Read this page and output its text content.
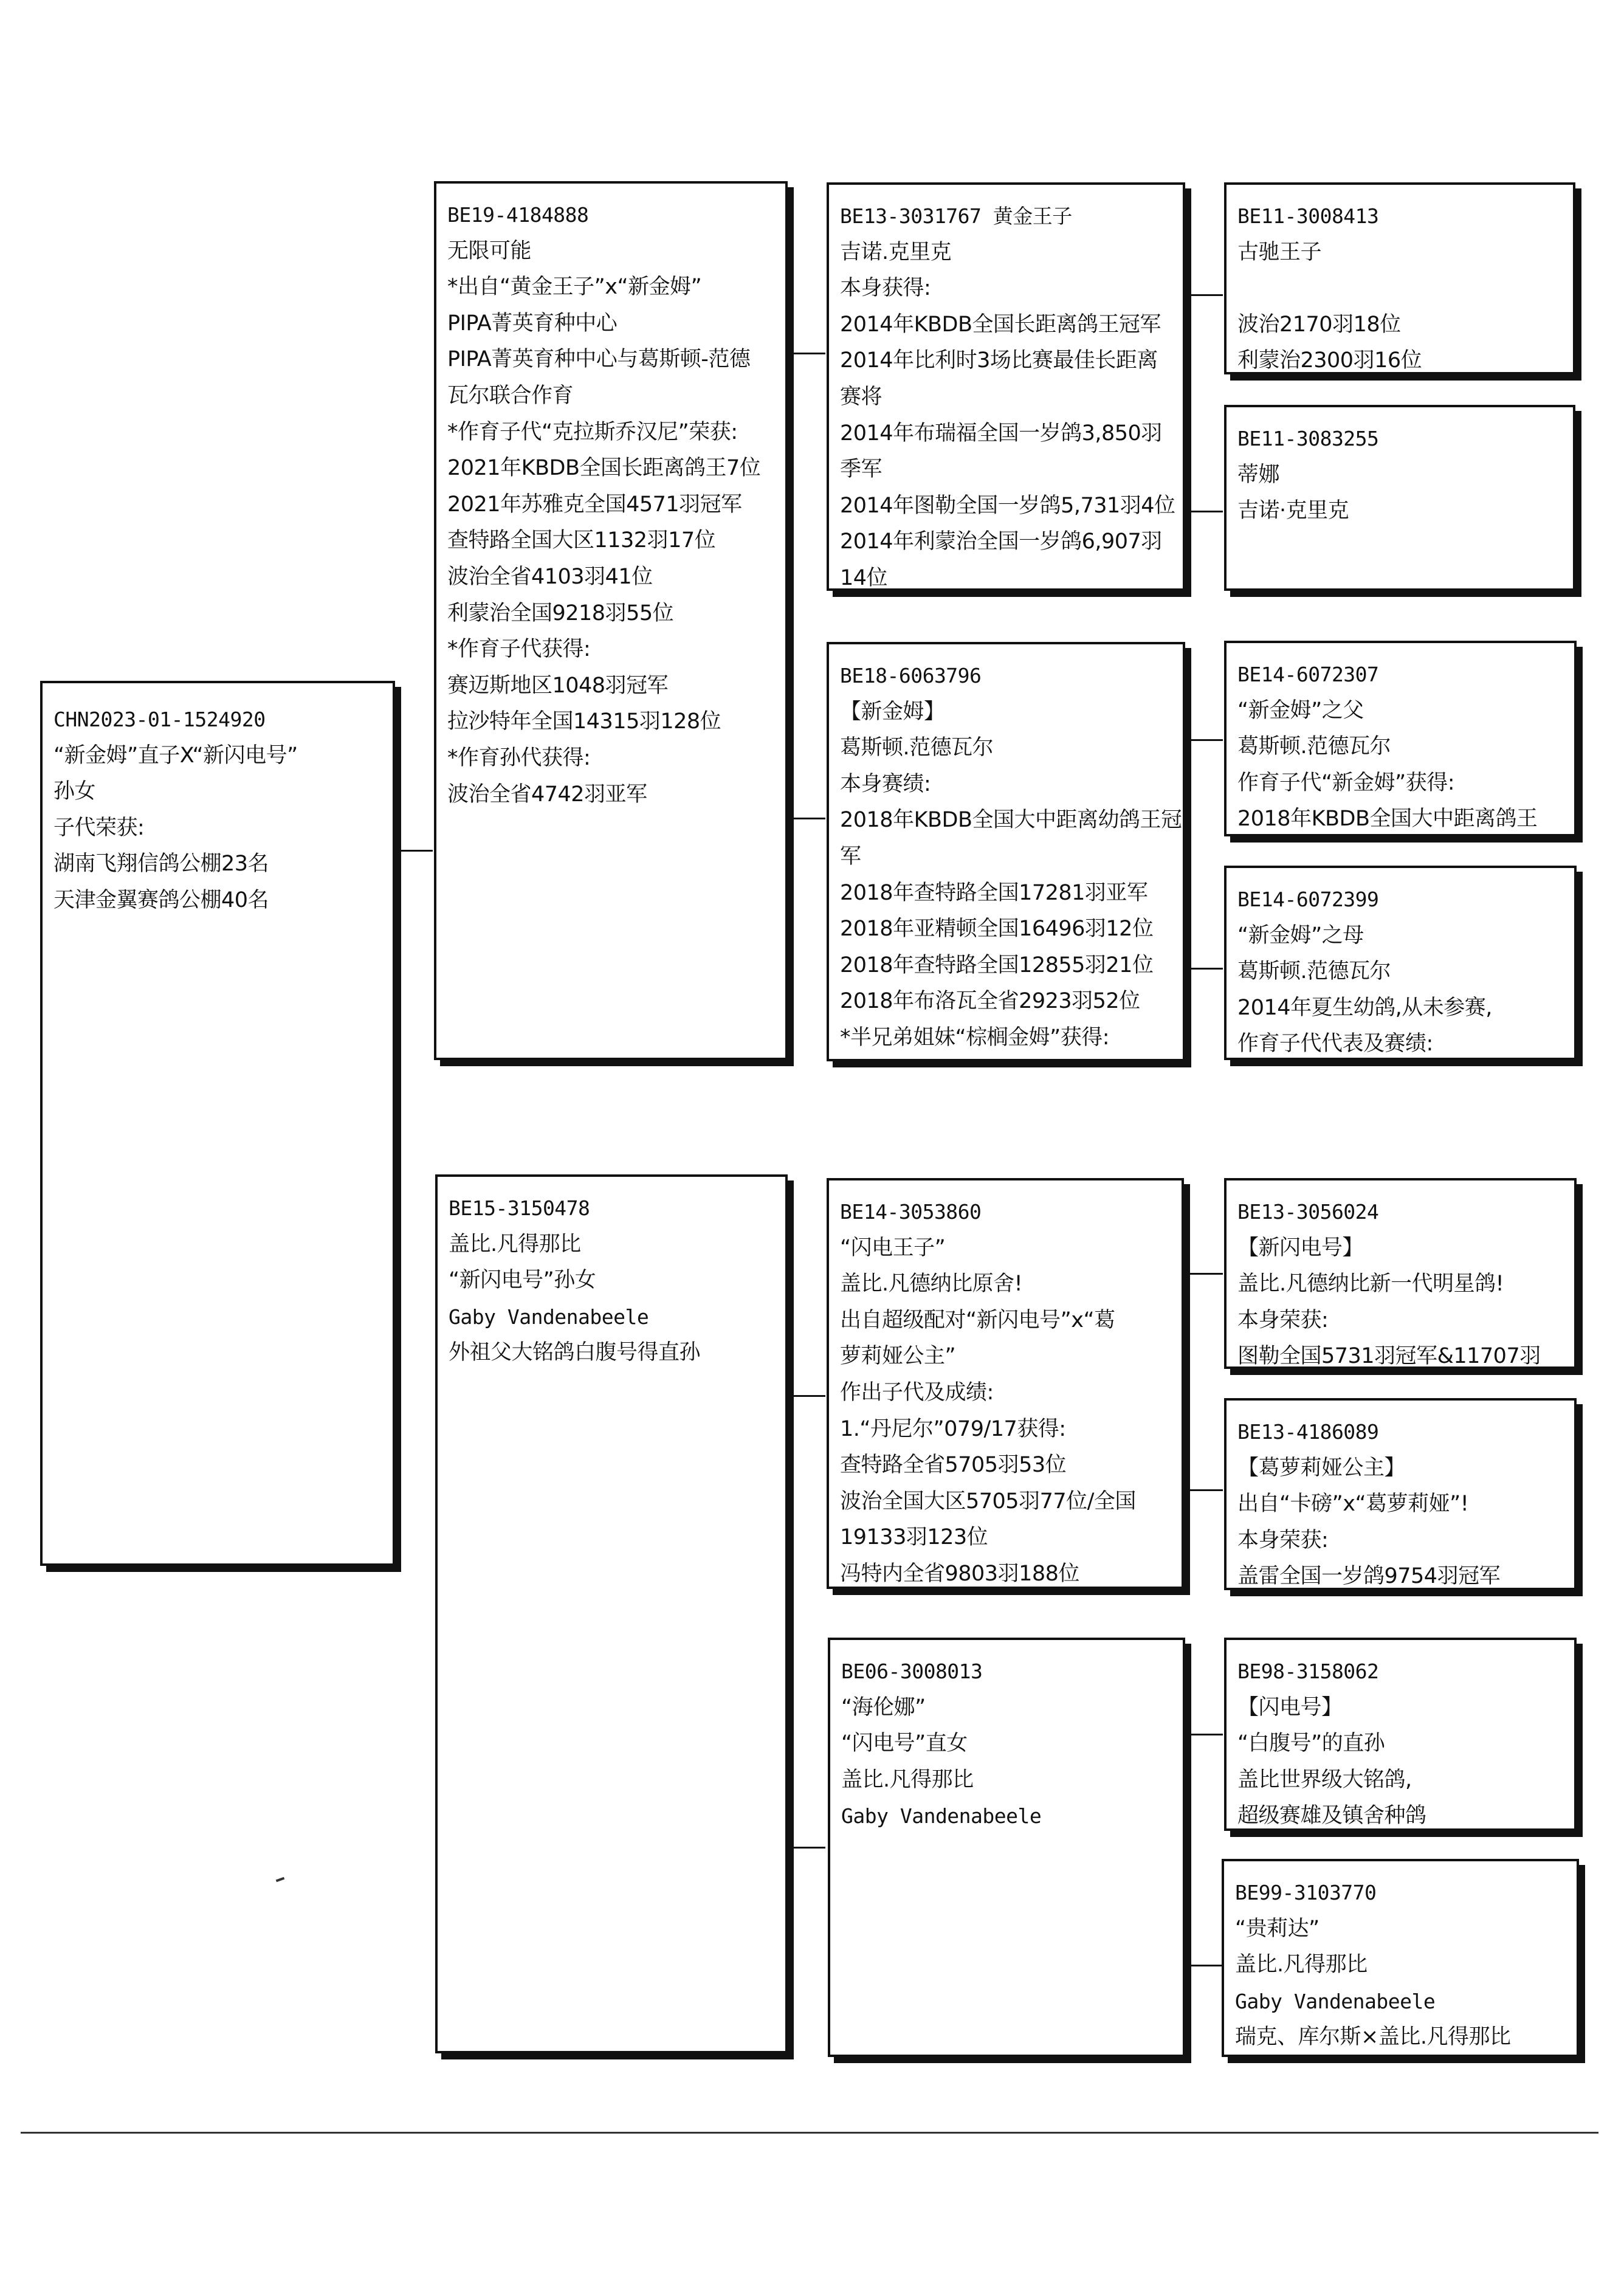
CHN2023-01-1524920
“新金姆”直子X“新闪电号”
孙女
子代荣获:
湖南飞翔信鸽公棚23名
天津金翼赛鸽公棚40名
BE19-4184888
无限可能
*出自“黄金王子”x“新金姆”
PIPA菁英育种中心
PIPA菁英育种中心与葛斯顿-范德
瓦尔联合作育
*作育子代“克拉斯乔汉尼”荣获:
2021年KBDB全国长距离鸽王7位
2021年苏雅克全国4571羽冠军
查特路全国大区1132羽17位
波治全省4103羽41位
利蒙治全国9218羽55位
*作育子代获得:
赛迈斯地区1048羽冠军
拉沙特年全国14315羽128位
*作育孙代获得:
波治全省4742羽亚军
BE15-3150478
盖比.凡得那比
“新闪电号”孙女
Gaby Vandenabeele
外祖父大铭鸽白腹号得直孙
BE13-3031767 黄金王子
吉诺.克里克
本身获得:
2014年KBDB全国长距离鸽王冠军
2014年比利时3场比赛最佳长距离
赛将
2014年布瑞福全国一岁鸽3,850羽
季军
2014年图勒全国一岁鸽5,731羽4位
2014年利蒙治全国一岁鸽6,907羽
14位
BE18-6063796
【新金姆】
葛斯顿.范德瓦尔
本身赛绩:
2018年KBDB全国大中距离幼鸽王冠
军
2018年查特路全国17281羽亚军
2018年亚精顿全国16496羽12位
2018年查特路全国12855羽21位
2018年布洛瓦全省2923羽52位
*半兄弟姐妹“棕榈金姆”获得:
BE14-3053860
“闪电王子”
盖比.凡德纳比原舍!
出自超级配对“新闪电号”x“葛
萝莉娅公主”
作出子代及成绩:
1.“丹尼尔”079/17获得:
查特路全省5705羽53位
波治全国大区5705羽77位/全国
19133羽123位
冯特内全省9803羽188位
BE06-3008013
“海伦娜”
“闪电号”直女
盖比.凡得那比
Gaby Vandenabeele
BE11-3008413
古驰王子

波治2170羽18位
利蒙治2300羽16位
BE11-3083255
蒂娜
吉诺·克里克
BE14-6072307
“新金姆”之父
葛斯顿.范德瓦尔
作育子代“新金姆”获得:
2018年KBDB全国大中距离鸽王
BE14-6072399
“新金姆”之母
葛斯顿.范德瓦尔
2014年夏生幼鸽,从未参赛,
作育子代代表及赛绩:
BE13-3056024
【新闪电号】
盖比.凡德纳比新一代明星鸽!
本身荣获:
图勒全国5731羽冠军&11707羽
BE13-4186089
【葛萝莉娅公主】
出自“卡磅”x“葛萝莉娅”!
本身荣获:
盖雷全国一岁鸽9754羽冠军
BE98-3158062
【闪电号】
“白腹号”的直孙
盖比世界级大铭鸽,
超级赛雄及镇舍种鸽
BE99-3103770
“贵莉达”
盖比.凡得那比
Gaby Vandenabeele
瑞克、库尔斯×盖比.凡得那比
